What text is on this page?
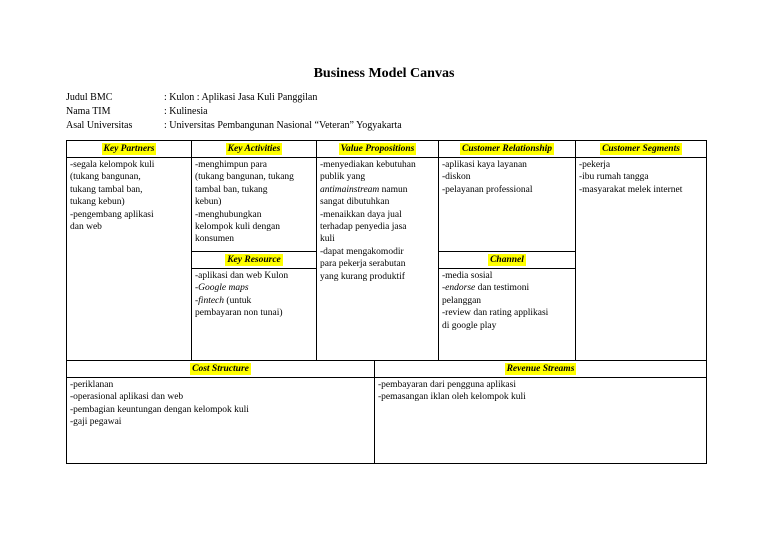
Business Model Canvas
Judul BMC	: Kulon : Aplikasi Jasa Kuli Panggilan
Nama TIM	: Kulinesia
Asal Universitas	: Universitas Pembangunan Nasional “Veteran” Yogyakarta
Key Partners
-segala kelompok kuli
(tukang bangunan,
tukang tambal ban,
tukang kebun)
-pengembang aplikasi
dan web
Key Activities
-menghimpun para
(tukang bangunan, tukang
tambal ban, tukang
kebun)
-menghubungkan
kelompok kuli dengan
konsumen
Key Resource
-aplikasi dan web Kulon
-Google maps
-fintech (untuk
pembayaran non tunai)
Value Propositions
-menyediakan kebutuhan
publik yang
antimainstream namun
sangat dibutuhkan
-menaikkan daya jual
terhadap penyedia jasa
kuli
-dapat mengakomodir
para pekerja serabutan
yang kurang produktif
Customer Relationship
-aplikasi kaya layanan
-diskon
-pelayanan professional
Channel
-media sosial
-endorse dan testimoni
pelanggan
-review dan rating applikasi
di google play
Customer Segments
-pekerja
-ibu rumah tangga
-masyarakat melek internet
Cost Structure
-periklanan
-operasional aplikasi dan web
-pembagian keuntungan dengan kelompok kuli
-gaji pegawai
Revenue Streams
-pembayaran dari pengguna aplikasi
-pemasangan iklan oleh kelompok kuli
